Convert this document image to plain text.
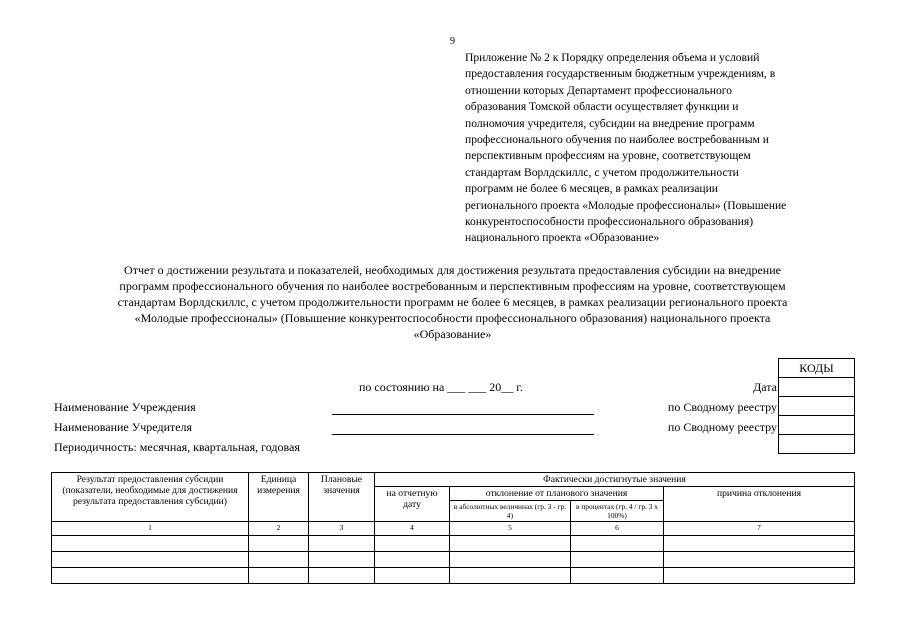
9
Приложение № 2 к Порядку определения объема и условий
предоставления государственным бюджетным учреждениям, в
отношении которых Департамент профессионального
образования Томской области осуществляет функции и
полномочия учредителя, субсидии на внедрение программ
профессионального обучения по наиболее востребованным и
перспективным профессиям на уровне, соответствующем
стандартам Ворлдскиллс, с учетом продолжительности
программ не более 6 месяцев, в рамках реализации
регионального проекта «Молодые профессионалы» (Повышение
конкурентоспособности профессионального образования)
национального проекта «Образование»
Отчет о достижении результата и показателей, необходимых для достижения результата предоставления субсидии на внедрение
программ профессионального обучения по наиболее востребованным и перспективным профессиям на уровне, соответствующем
стандартам Ворлдскиллс, с учетом продолжительности программ не более 6 месяцев, в рамках реализации регионального проекта
«Молодые профессионалы» (Повышение конкурентоспособности профессионального образования) национального проекта
«Образование»
КОДЫ

по состоянию на ___ ___ 20__ г.	Дата
Наименование Учреждения	по Сводному реестру
Наименование Учредителя	по Сводному реестру
Периодичность: месячная, квартальная, годовая
Результат предоставления субсидии (показатели, необходимые для достижения результата предоставления субсидии)	Единица измерения	Плановые значения	Фактически достигнутые значения			
			на отчетную дату	отклонение от планового значения		причина отклонения
				в абсолютных величинах (гр. 3 - гр. 4)	в процентах (гр. 4 / гр. 3 x 100%)	
1	2	3	4	5	6	7
